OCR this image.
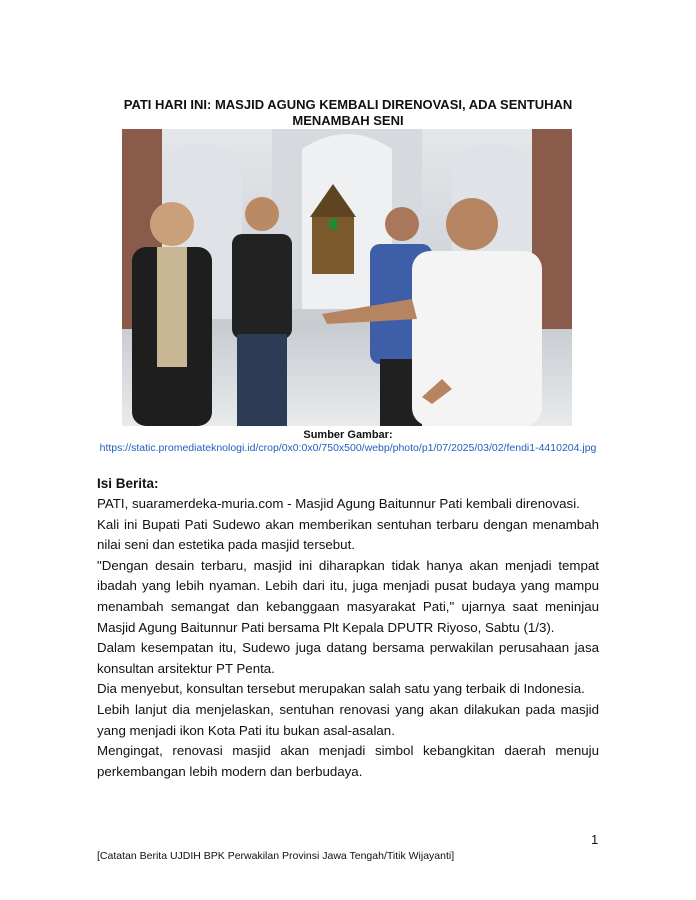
PATI HARI INI: MASJID AGUNG KEMBALI DIRENOVASI, ADA SENTUHAN MENAMBAH SENI
Sumber Gambar:
https://static.promediateknologi.id/crop/0x0:0x0/750x500/webp/photo/p1/07/2025/03/02/fendi1-4410204.jpg
Isi Berita:

PATI, suaramerdeka-muria.com - Masjid Agung Baitunnur Pati kembali direnovasi.

Kali ini Bupati Pati Sudewo akan memberikan sentuhan terbaru dengan menambah nilai seni dan estetika pada masjid tersebut.

"Dengan desain terbaru, masjid ini diharapkan tidak hanya akan menjadi tempat ibadah yang lebih nyaman. Lebih dari itu, juga menjadi pusat budaya yang mampu menambah semangat dan kebanggaan masyarakat Pati," ujarnya saat meninjau Masjid Agung Baitunnur Pati bersama Plt Kepala DPUTR Riyoso, Sabtu (1/3).

Dalam kesempatan itu, Sudewo juga datang bersama perwakilan perusahaan jasa konsultan arsitektur PT Penta.

Dia menyebut, konsultan tersebut merupakan salah satu yang terbaik di Indonesia.

Lebih lanjut dia menjelaskan, sentuhan renovasi yang akan dilakukan pada masjid yang menjadi ikon Kota Pati itu bukan asal-asalan.

Mengingat, renovasi masjid akan menjadi simbol kebangkitan daerah menuju perkembangan lebih modern dan berbudaya.

1
[Catatan Berita UJDIH BPK Perwakilan Provinsi Jawa Tengah/Titik Wijayanti]
